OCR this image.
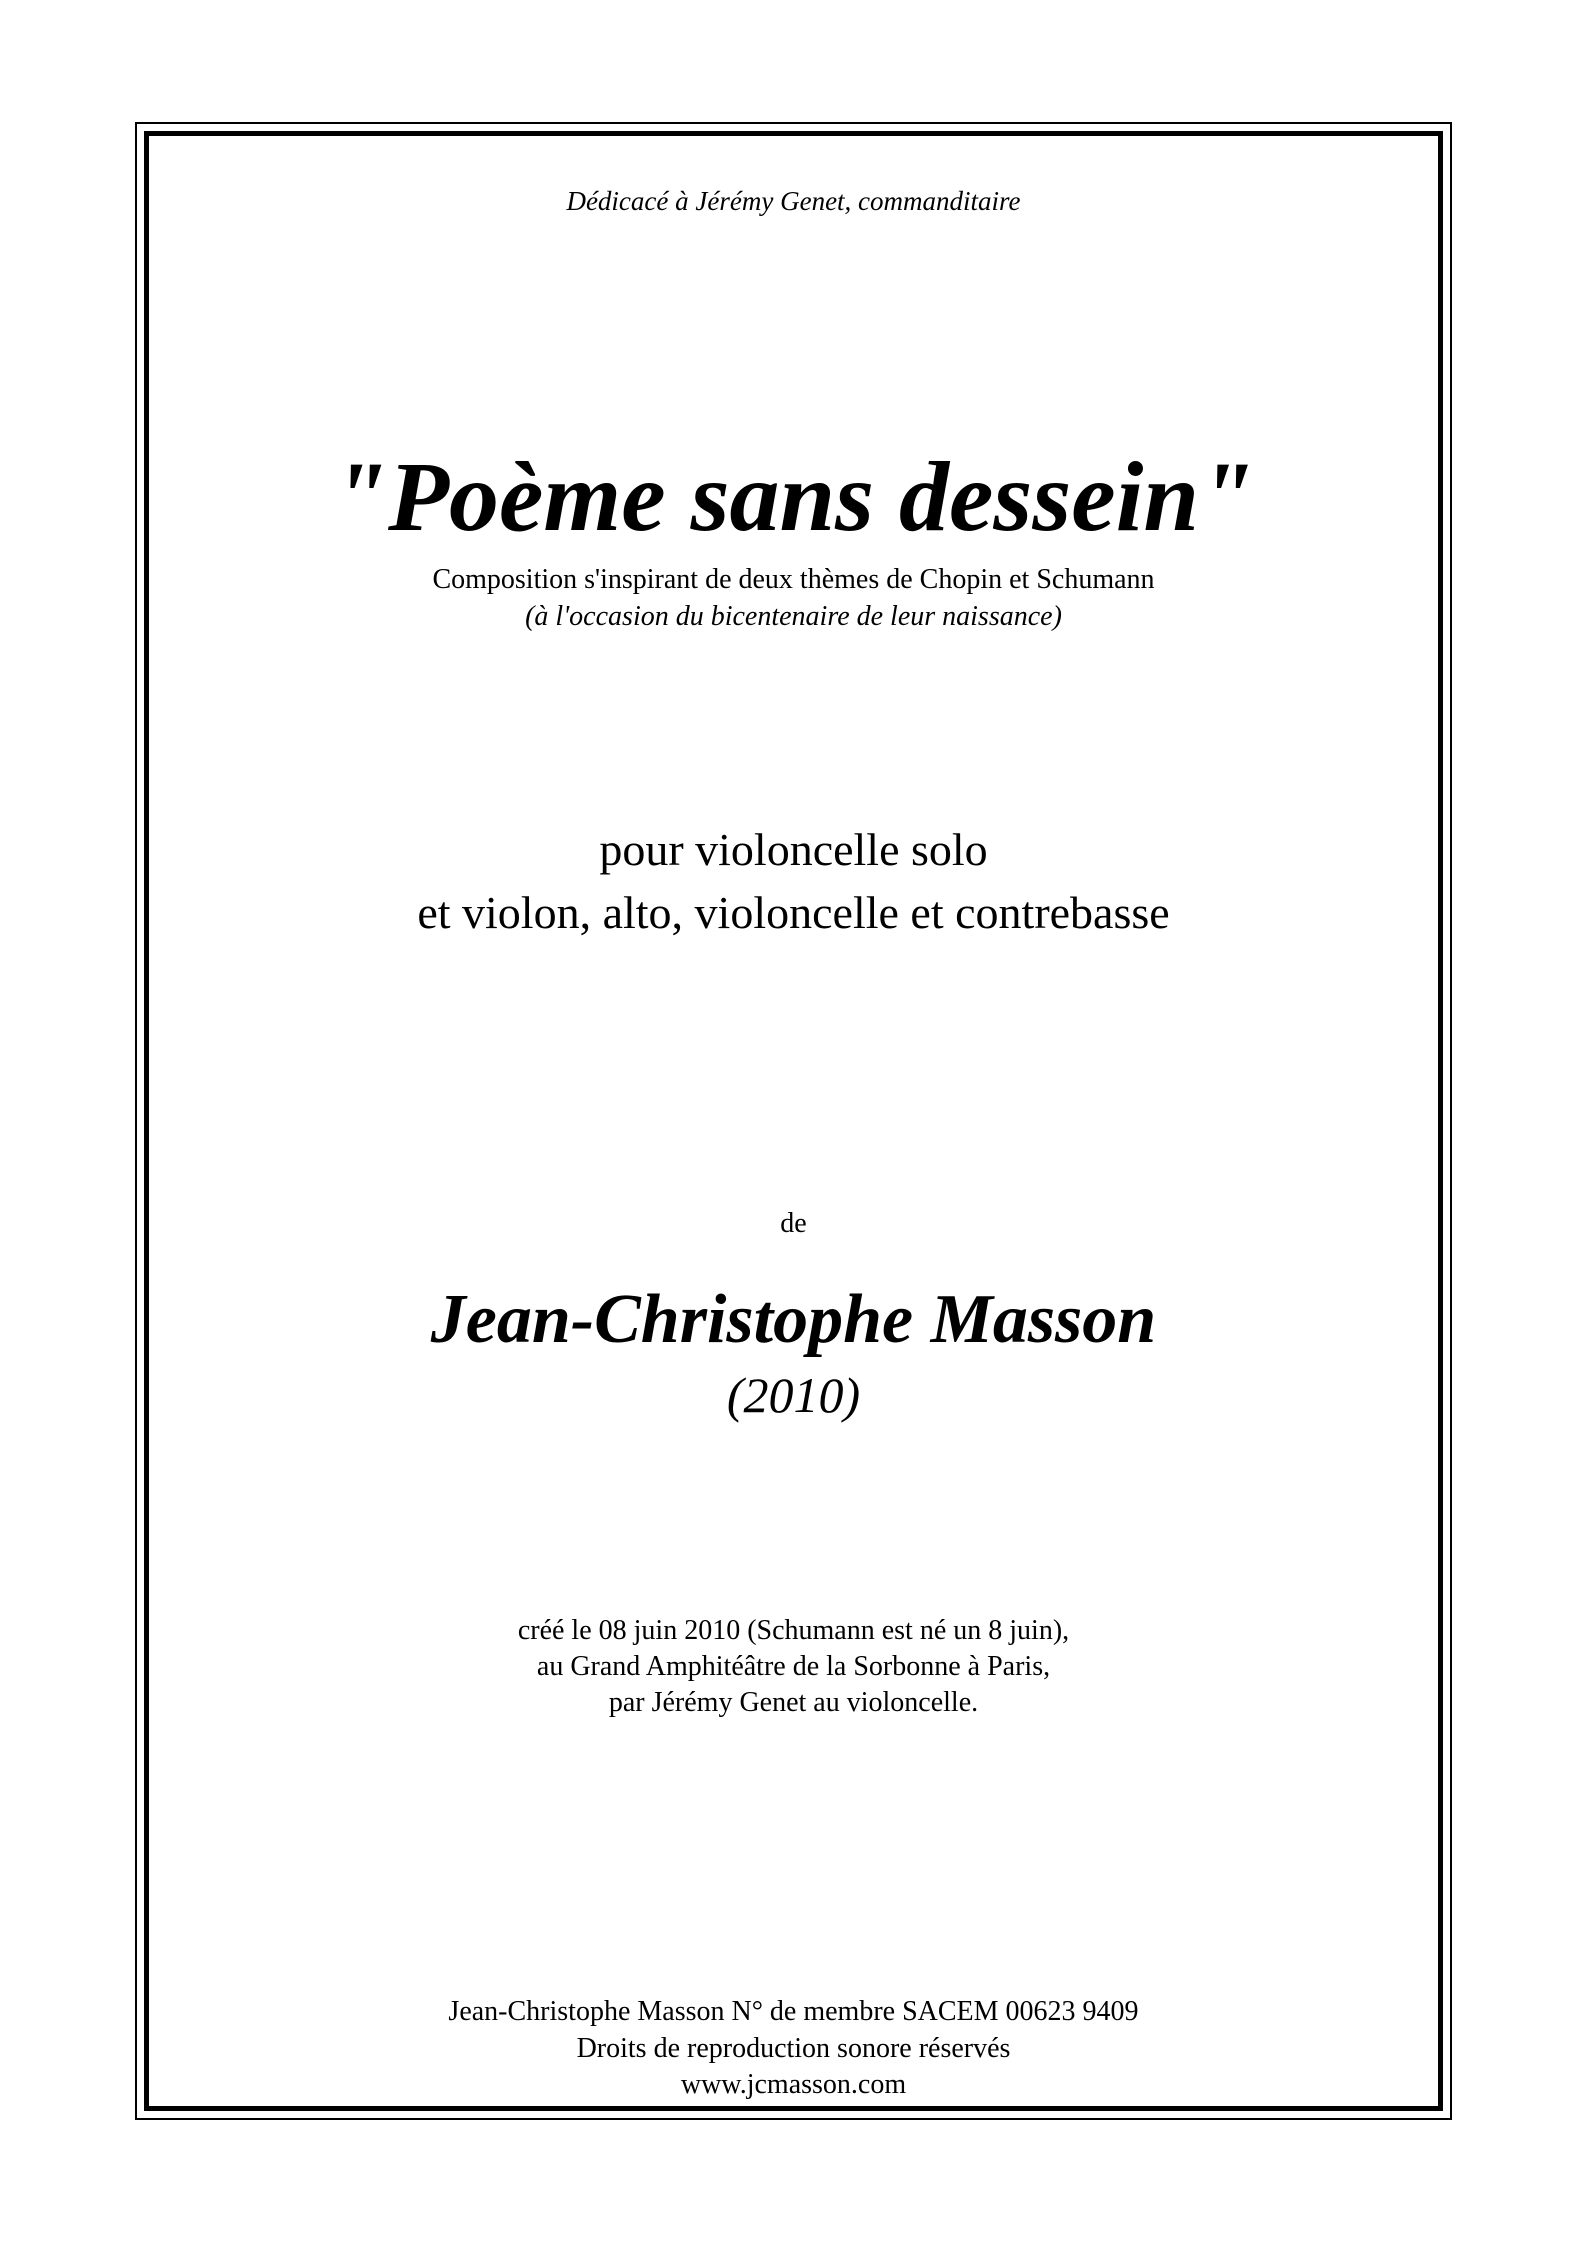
Dédicacé à Jérémy Genet, commanditaire
"Poème sans dessein"
Composition s'inspirant de deux thèmes de Chopin et Schumann
(à l'occasion du bicentenaire de leur naissance)
pour violoncelle solo
et violon, alto, violoncelle et contrebasse
de
Jean-Christophe Masson
(2010)
créé le 08 juin 2010 (Schumann est né un 8 juin),
au Grand Amphitéâtre de la Sorbonne à Paris,
par Jérémy Genet au violoncelle.
Jean-Christophe Masson N° de membre SACEM 00623 9409
Droits de reproduction sonore réservés
www.jcmasson.com
